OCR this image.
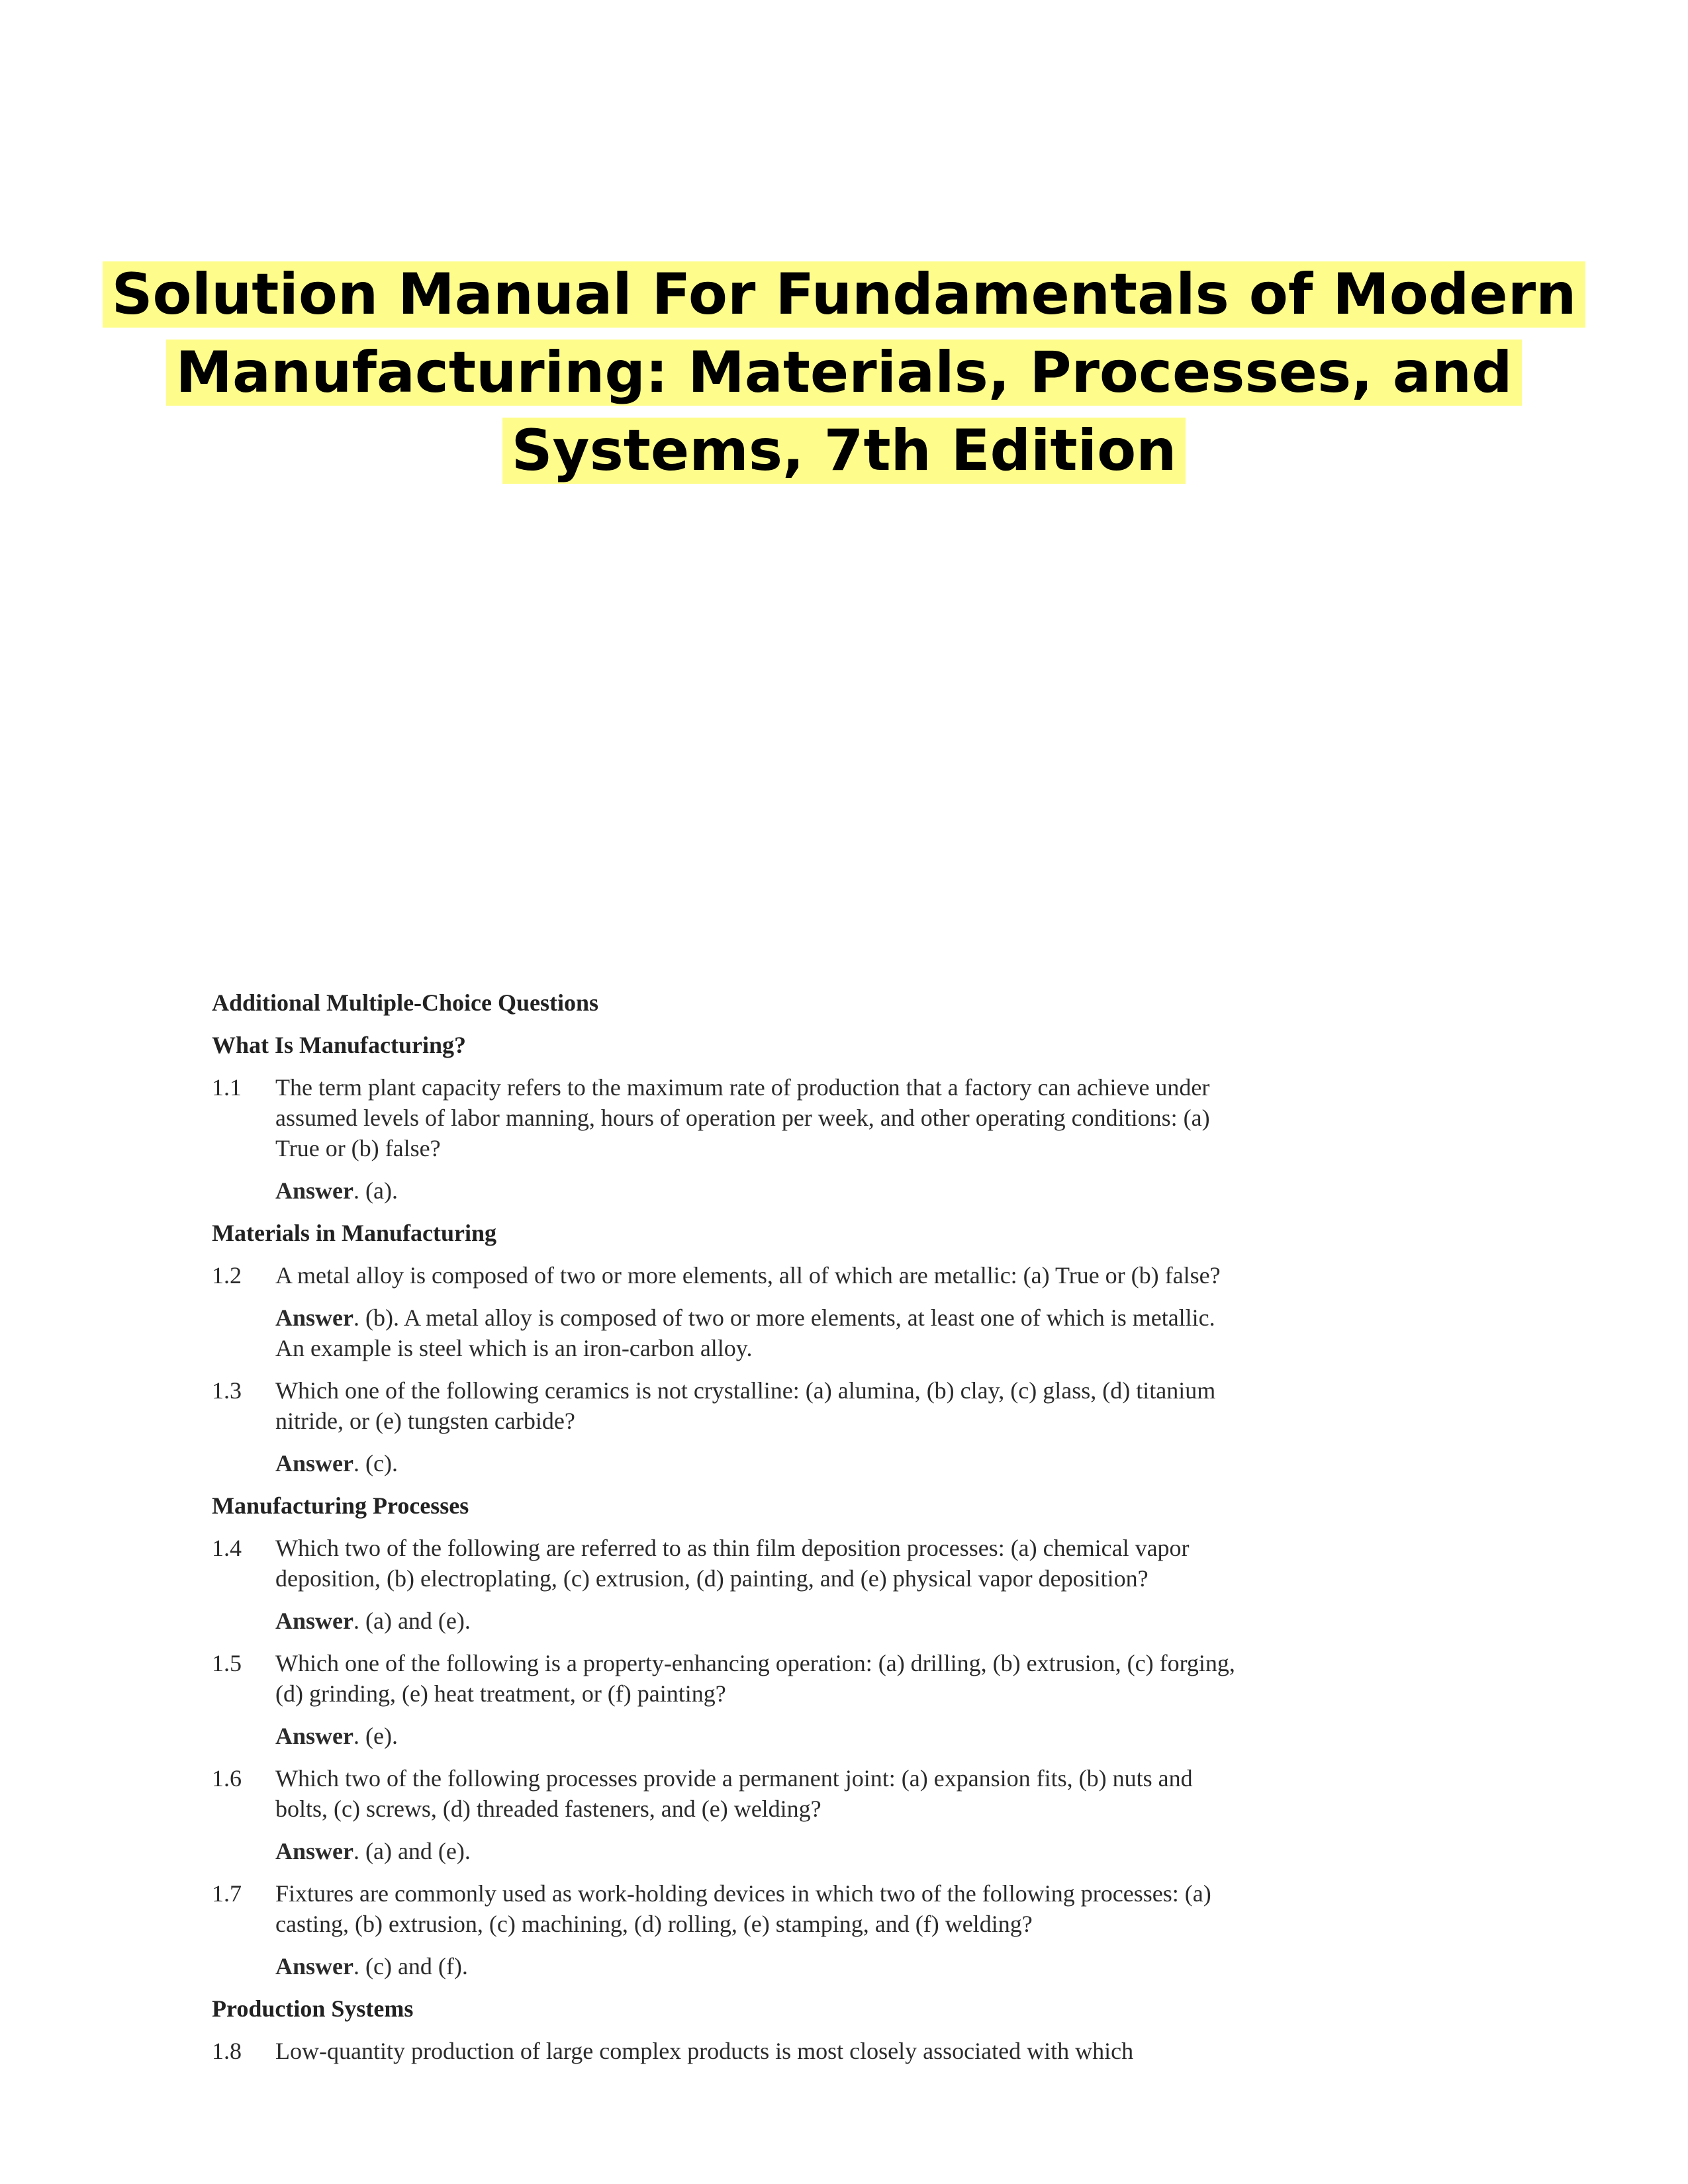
Solution Manual For Fundamentals of Modern
Manufacturing: Materials, Processes, and
Systems, 7th Edition

Additional Multiple-Choice Questions

What Is Manufacturing?

1.1	The term plant capacity refers to the maximum rate of production that a factory can achieve under assumed levels of labor manning, hours of operation per week, and other operating conditions: (a) True or (b) false?
Answer. (a).

Materials in Manufacturing

1.2	A metal alloy is composed of two or more elements, all of which are metallic: (a) True or (b) false?
Answer. (b). A metal alloy is composed of two or more elements, at least one of which is metallic. An example is steel which is an iron-carbon alloy.
1.3	Which one of the following ceramics is not crystalline: (a) alumina, (b) clay, (c) glass, (d) titanium nitride, or (e) tungsten carbide?
Answer. (c).

Manufacturing Processes

1.4	Which two of the following are referred to as thin film deposition processes: (a) chemical vapor deposition, (b) electroplating, (c) extrusion, (d) painting, and (e) physical vapor deposition?
Answer. (a) and (e).
1.5	Which one of the following is a property-enhancing operation: (a) drilling, (b) extrusion, (c) forging, (d) grinding, (e) heat treatment, or (f) painting?
Answer. (e).
1.6	Which two of the following processes provide a permanent joint: (a) expansion fits, (b) nuts and bolts, (c) screws, (d) threaded fasteners, and (e) welding?
Answer. (a) and (e).
1.7	Fixtures are commonly used as work-holding devices in which two of the following processes: (a) casting, (b) extrusion, (c) machining, (d) rolling, (e) stamping, and (f) welding?
Answer. (c) and (f).

Production Systems

1.8	Low-quantity production of large complex products is most closely associated with which
